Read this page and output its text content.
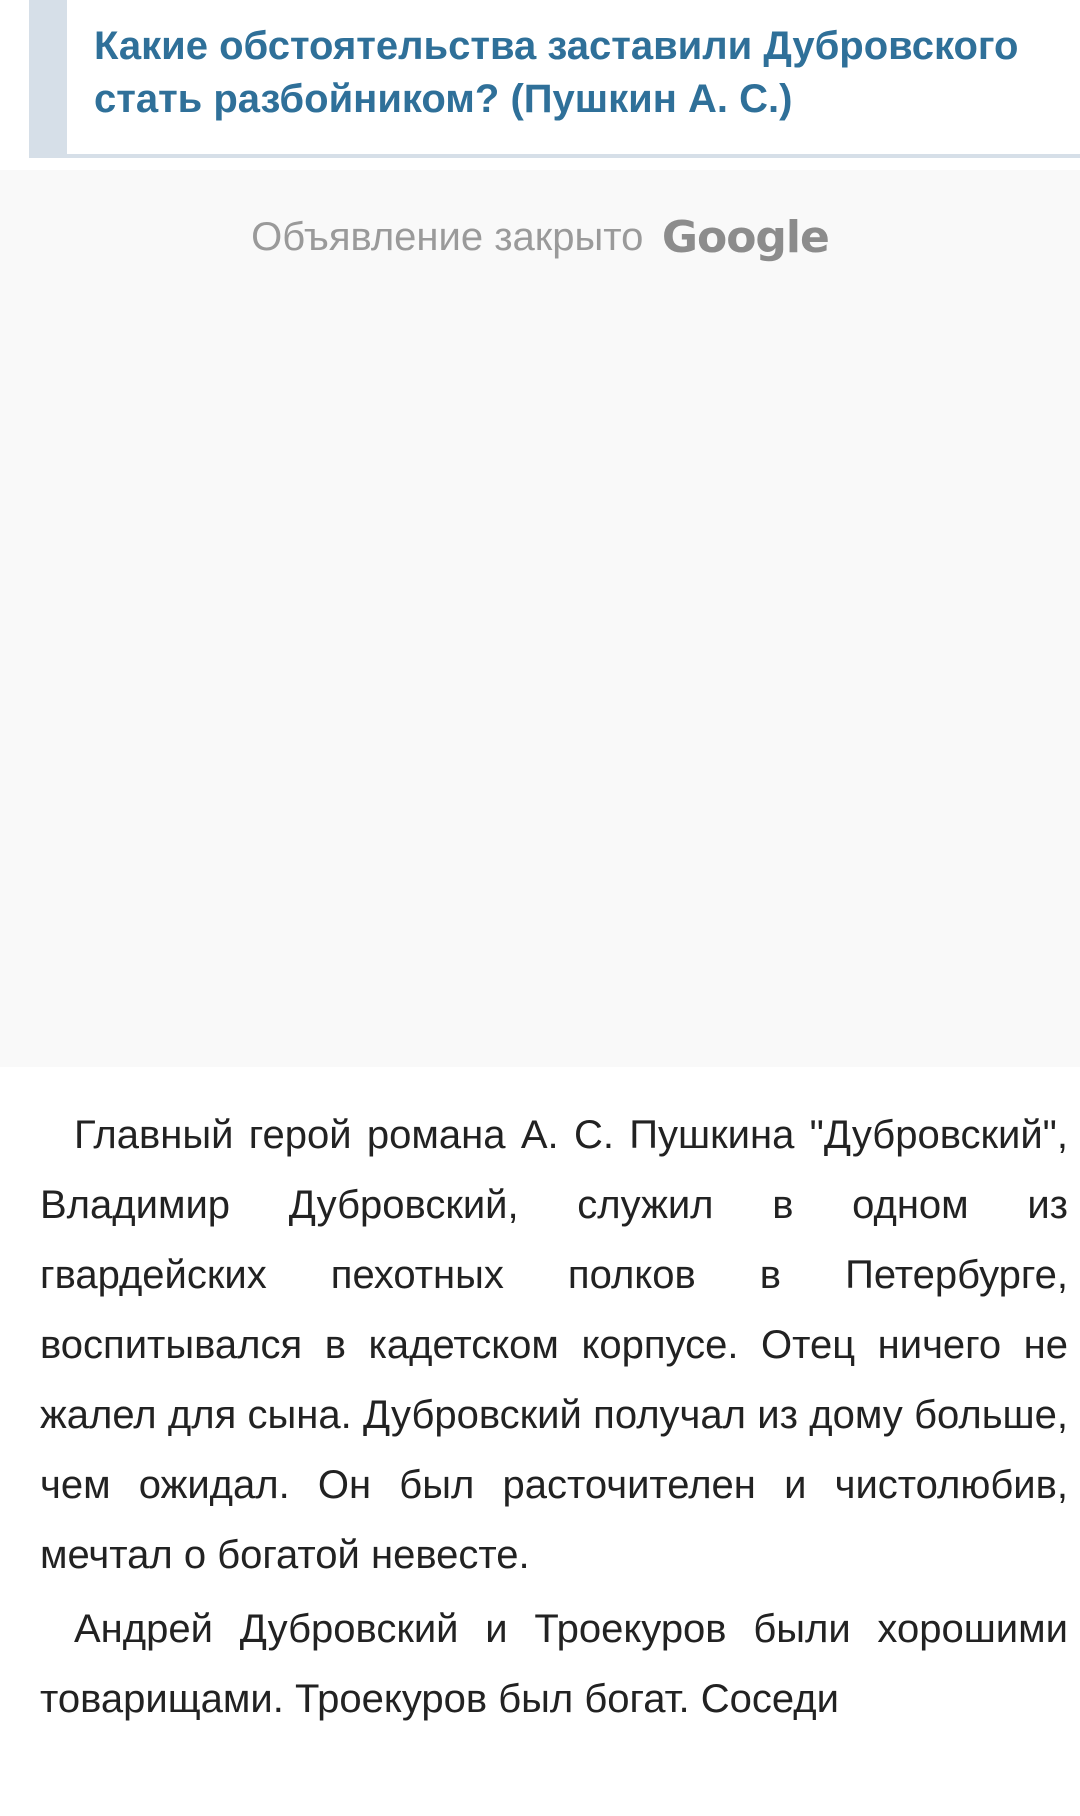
Какие обстоятельства заставили Дубровского стать разбойником? (Пушкин А. С.)
Объявление закрыто Google

Главный герой романа А. С. Пушкина "Дубровский", Владимир Дубровский, служил в одном из гвардейских пехотных полков в Петербурге, воспитывался в кадетском корпусе. Отец ничего не жалел для сына. Дубровский получал из дому больше, чем ожидал. Он был расточителен и чистолюбив, мечтал о богатой невесте.

Андрей Дубровский и Троекуров были хорошими товарищами. Троекуров был богат. Соседи
